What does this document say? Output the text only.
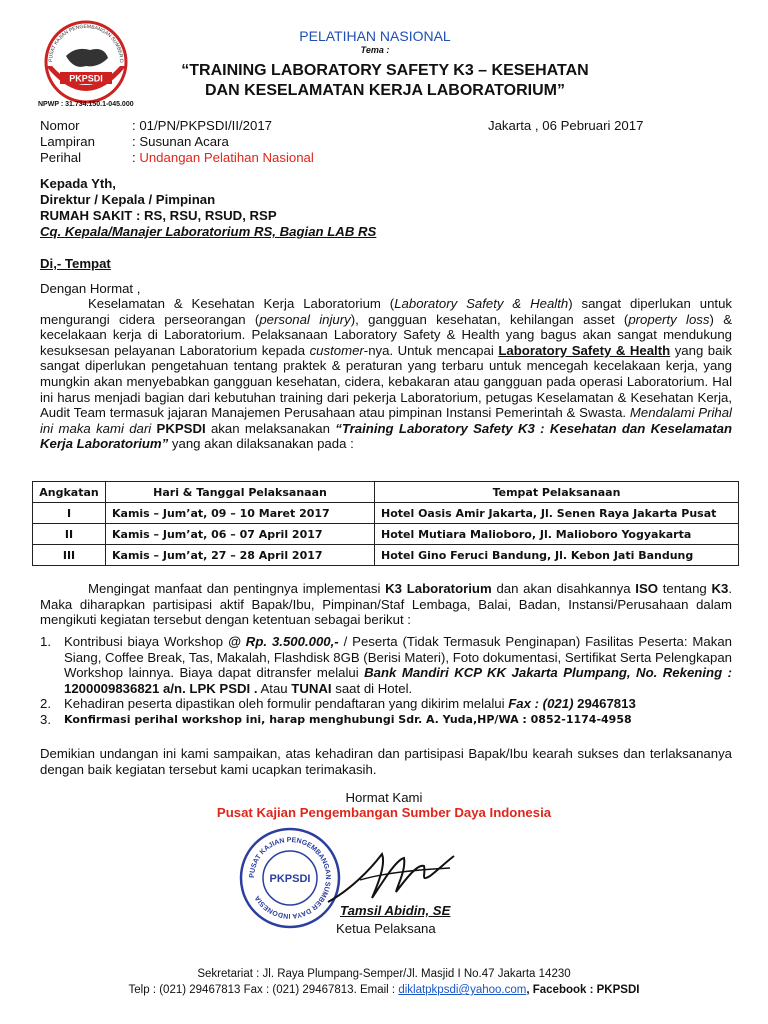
PUSAT KAJIAN PENGEMBANGAN SUMBER D
PKPSDI
NPWP : 31.734.150.1-045.000
PELATIHAN NASIONAL
Tema :
“TRAINING LABORATORY SAFETY K3 – KESEHATAN
DAN KESELAMATAN KERJA LABORATORIUM”
Nomor	: 01/PN/PKPSDI/II/2017
Lampiran	: Susunan Acara
Perihal	: Undangan Pelatihan Nasional
Jakarta , 06 Pebruari 2017
Kepada Yth,
Direktur / Kepala / Pimpinan
RUMAH SAKIT : RS, RSU, RSUD, RSP
Cq. Kepala/Manajer Laboratorium RS, Bagian LAB RS
Di,- Tempat
Dengan Hormat ,
Keselamatan & Kesehatan Kerja Laboratorium (Laboratory Safety & Health) sangat diperlukan untuk mengurangi cidera perseorangan (personal injury), gangguan kesehatan, kehilangan asset (property loss) & kecelakaan kerja di Laboratorium. Pelaksanaan Laboratory Safety & Health yang bagus akan sangat mendukung kesuksesan pelayanan Laboratorium kepada customer-nya. Untuk mencapai Laboratory Safety & Health yang baik sangat diperlukan pengetahuan tentang praktek & peraturan yang terbaru untuk mencegah kecelakaan kerja, yang mungkin akan menyebabkan gangguan kesehatan, cidera, kebakaran atau gangguan pada operasi Laboratorium. Hal ini harus menjadi bagian dari kebutuhan training dari pekerja Laboratorium, petugas Keselamatan & Kesehatan Kerja, Audit Team termasuk jajaran Manajemen Perusahaan atau pimpinan Instansi Pemerintah & Swasta. Mendalami Prihal ini maka kami dari PKPSDI akan melaksanakan “Training Laboratory Safety K3 : Kesehatan dan Keselamatan Kerja Laboratorium” yang akan dilaksanakan pada :
Angkatan	Hari & Tanggal Pelaksanaan	Tempat Pelaksanaan
I	Kamis – Jum’at, 09 – 10 Maret 2017	Hotel Oasis Amir Jakarta, Jl. Senen Raya Jakarta Pusat
II	Kamis – Jum’at, 06 – 07 April 2017	Hotel Mutiara Malioboro, Jl. Malioboro Yogyakarta
III	Kamis – Jum’at, 27 – 28 April 2017	Hotel Gino Feruci Bandung, Jl. Kebon Jati Bandung
Mengingat manfaat dan pentingnya implementasi K3 Laboratorium dan akan disahkannya ISO tentang K3. Maka diharapkan partisipasi aktif Bapak/Ibu, Pimpinan/Staf Lembaga, Balai, Badan, Instansi/Perusahaan dalam mengikuti kegiatan tersebut dengan ketentuan sebagai berikut :
1. Kontribusi biaya Workshop @ Rp. 3.500.000,- / Peserta (Tidak Termasuk Penginapan) Fasilitas Peserta: Makan Siang, Coffee Break, Tas, Makalah, Flashdisk 8GB (Berisi Materi), Foto dokumentasi, Sertifikat Serta Pelengkapan Workshop lainnya. Biaya dapat ditransfer melalui Bank Mandiri KCP KK Jakarta Plumpang, No. Rekening : 1200009836821 a/n. LPK PSDI . Atau TUNAI saat di Hotel.
2. Kehadiran peserta dipastikan oleh formulir pendaftaran yang dikirim melalui Fax : (021) 29467813
3.	Konfirmasi perihal workshop ini, harap menghubungi Sdr. A. Yuda,HP/WA : 0852-1174-4958
Demikian undangan ini kami sampaikan, atas kehadiran dan partisipasi Bapak/Ibu kearah sukses dan terlaksananya dengan baik kegiatan tersebut kami ucapkan terimakasih.
Hormat Kami
Pusat Kajian Pengembangan Sumber Daya Indonesia
PUSAT KAJIAN PENGEMBANGAN SUMBER DAYA INDONESIA
PKPSDI
Tamsil Abidin, SE
Ketua Pelaksana
Sekretariat : Jl. Raya Plumpang-Semper/Jl. Masjid I No.47 Jakarta 14230
Telp : (021) 29467813 Fax : (021) 29467813. Email : diklatpkpsdi@yahoo.com, Facebook : PKPSDI
